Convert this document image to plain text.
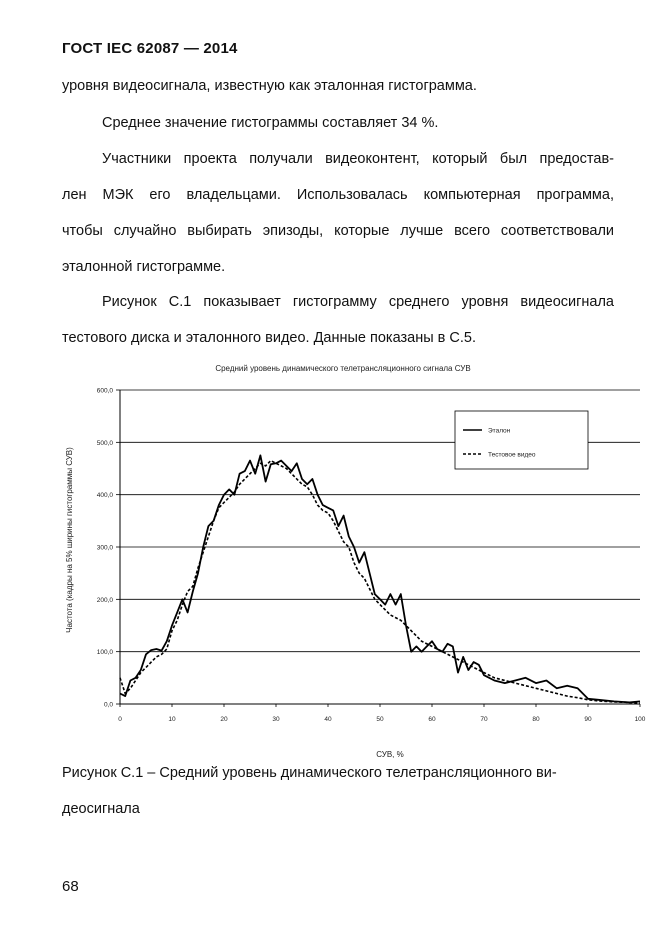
ГОСТ IEC 62087 — 2014
уровня видеосигнала, известную как эталонная гистограмма.
Среднее значение гистограммы составляет 34 %.
Участники проекта получали видеоконтент, который был предостав-
лен МЭК его владельцами. Использовалась компьютерная программа,
чтобы случайно выбирать эпизоды, которые лучше всего соответствовали
эталонной гистограмме.
Рисунок С.1 показывает гистограмму среднего уровня видеосигнала
тестового диска и эталонного видео. Данные показаны в С.5.
Средний уровень динамического телетрансляционного сигнала СУВ
0,0
100,0
200,0
300,0
400,0
500,0
600,0
0	10	20	30	40	50	60	70	80	90	100
Эталон
Тестовое видео
СУВ, %
Частота (кадры на 5% ширины гистограммы СУВ)
Рисунок С.1 – Средний уровень динамического телетрансляционного ви-
деосигнала
68
